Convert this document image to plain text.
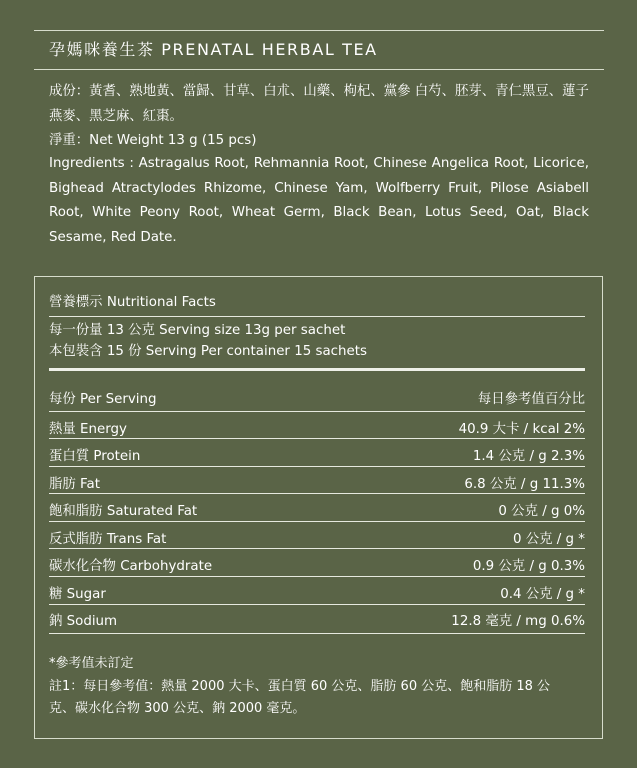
孕媽咪養生茶 PRENATAL HERBAL TEA
成份：黃耆、熟地黃、當歸、甘草、白朮、山藥、枸杞、黨參 白芍、胚芽、青仁黑豆、蓮子燕麥、黑芝麻、紅棗。
淨重：Net Weight 13 g (15 pcs)
Ingredients : Astragalus Root, Rehmannia Root, Chinese Angelica Root, Licorice, Bighead Atractylodes Rhizome, Chinese Yam, Wolfberry Fruit, Pilose Asiabell Root, White Peony Root, Wheat Germ, Black Bean, Lotus Seed, Oat, Black Sesame, Red Date.
營養標示 Nutritional Facts
每一份量 13 公克 Serving size 13g per sachet
本包裝含 15 份 Serving Per container 15 sachets
每份 Per Serving	每日參考值百分比
熱量 Energy	40.9 大卡 / kcal 2%
蛋白質 Protein	1.4 公克 / g 2.3%
脂肪 Fat	6.8 公克 / g 11.3%
飽和脂肪 Saturated Fat	0 公克 / g 0%
反式脂肪 Trans Fat	0 公克 / g *
碳水化合物 Carbohydrate	0.9 公克 / g 0.3%
糖 Sugar	0.4 公克 / g *
鈉 Sodium	12.8 毫克 / mg 0.6%
*參考值未訂定
註1：每日參考值：熱量 2000 大卡、蛋白質 60 公克、脂肪 60 公克、飽和脂肪 18 公克、碳水化合物 300 公克、鈉 2000 毫克。
